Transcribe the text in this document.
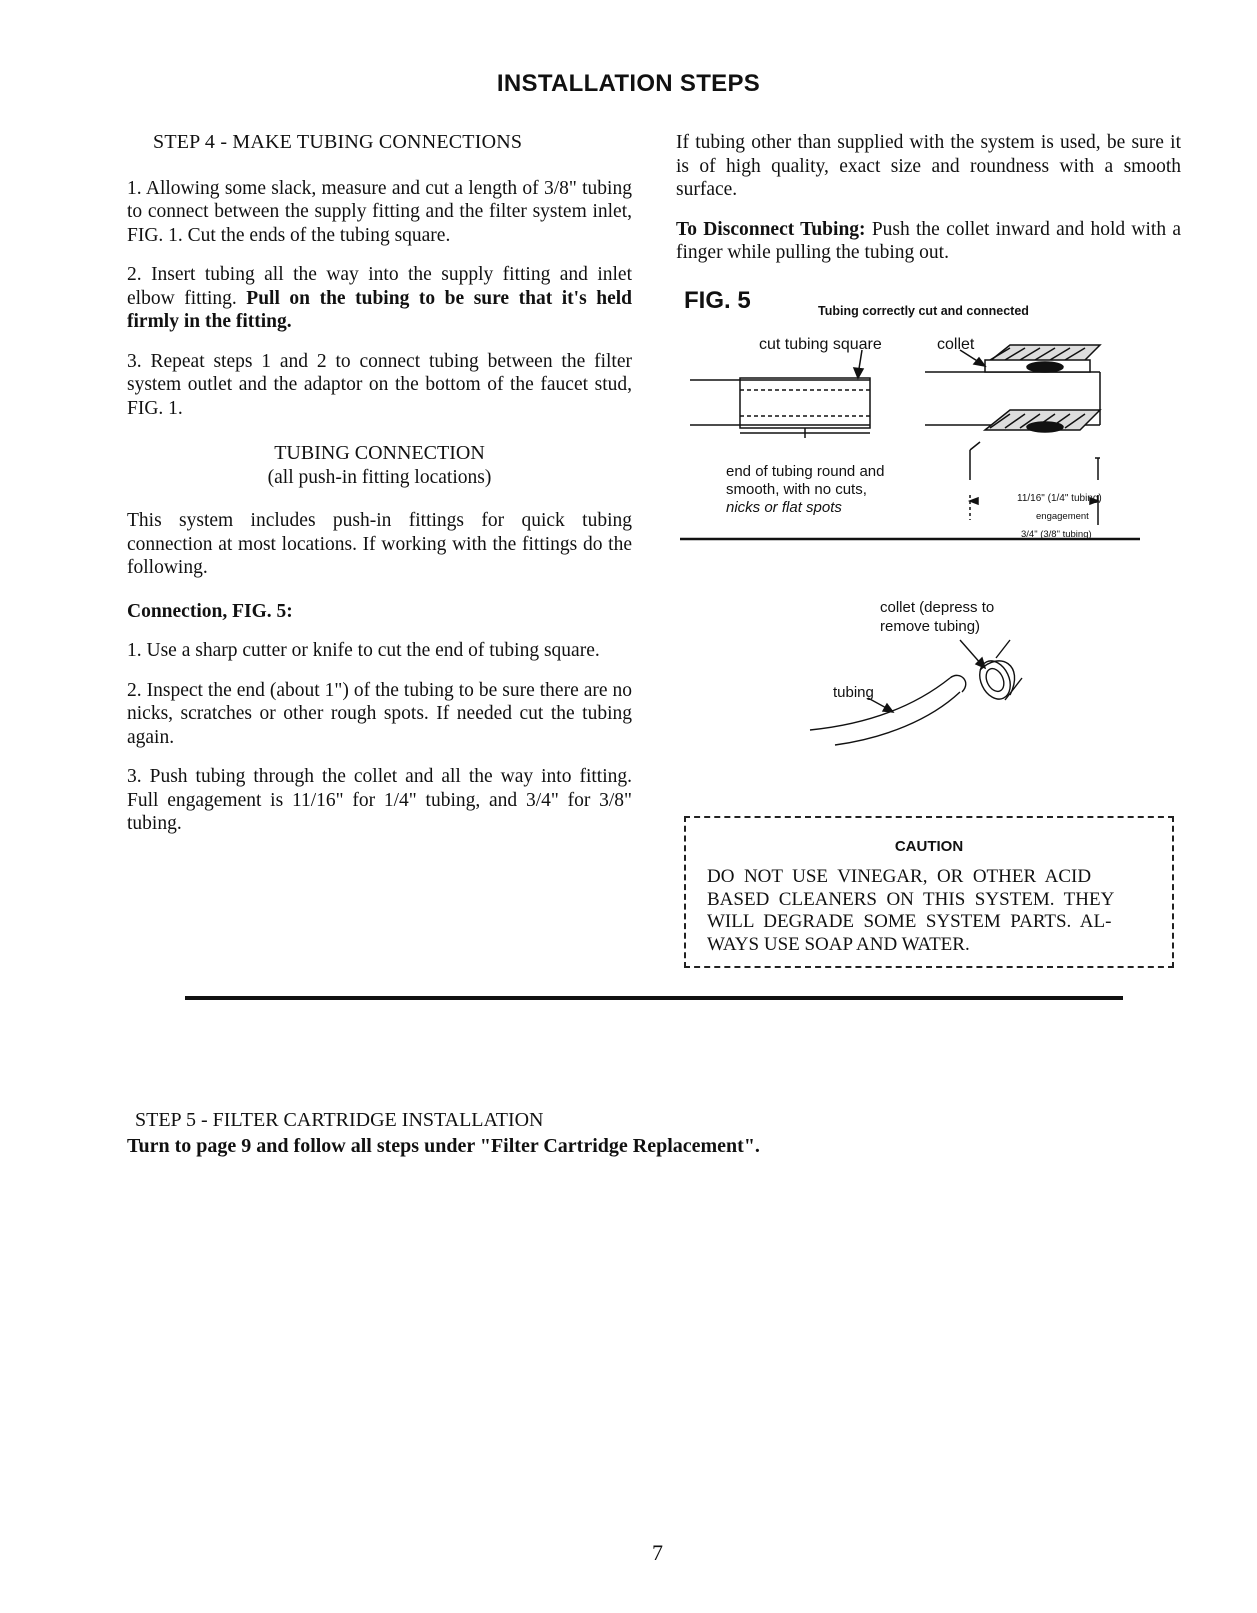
INSTALLATION STEPS
STEP 4 - MAKE TUBING CONNECTIONS

1. Allowing some slack, measure and cut a length of 3/8" tubing to connect between the supply fitting and the filter system inlet, FIG. 1. Cut the ends of the tubing square.

2. Insert tubing all the way into the supply fitting and inlet elbow fitting. Pull on the tubing to be sure that it's held firmly in the fitting.

3. Repeat steps 1 and 2 to connect tubing between the filter system outlet and the adaptor on the bottom of the faucet stud, FIG. 1.

TUBING CONNECTION
(all push-in fitting locations)

This system includes push-in fittings for quick tubing connection at most locations. If working with the fittings do the following.

Connection, FIG. 5:

1. Use a sharp cutter or knife to cut the end of tubing square.

2. Inspect the end (about 1") of the tubing to be sure there are no nicks, scratches or other rough spots. If needed cut the tubing again.

3. Push tubing through the collet and all the way into fitting. Full engagement is 11/16" for 1/4" tubing, and 3/4" for 3/8" tubing.

If tubing other than supplied with the system is used, be sure it is of high quality, exact size and roundness with a smooth surface.

To Disconnect Tubing: Push the collet inward and hold with a finger while pulling the tubing out.

FIG. 5	Tubing correctly cut and connected
cut tubing square	collet
end of tubing round and
smooth, with no cuts,
nicks or flat spots
11/16" (1/4" tubing)
engagement
3/4" (3/8" tubing)
collet (depress to
remove tubing)
tubing
CAUTION
DO  NOT  USE  VINEGAR,  OR  OTHER  ACID
BASED  CLEANERS  ON  THIS  SYSTEM.  THEY
WILL  DEGRADE  SOME  SYSTEM  PARTS.  AL-
WAYS USE SOAP AND WATER.
STEP 5 - FILTER CARTRIDGE INSTALLATION
Turn to page 9 and follow all steps under "Filter Cartridge Replacement".
7
